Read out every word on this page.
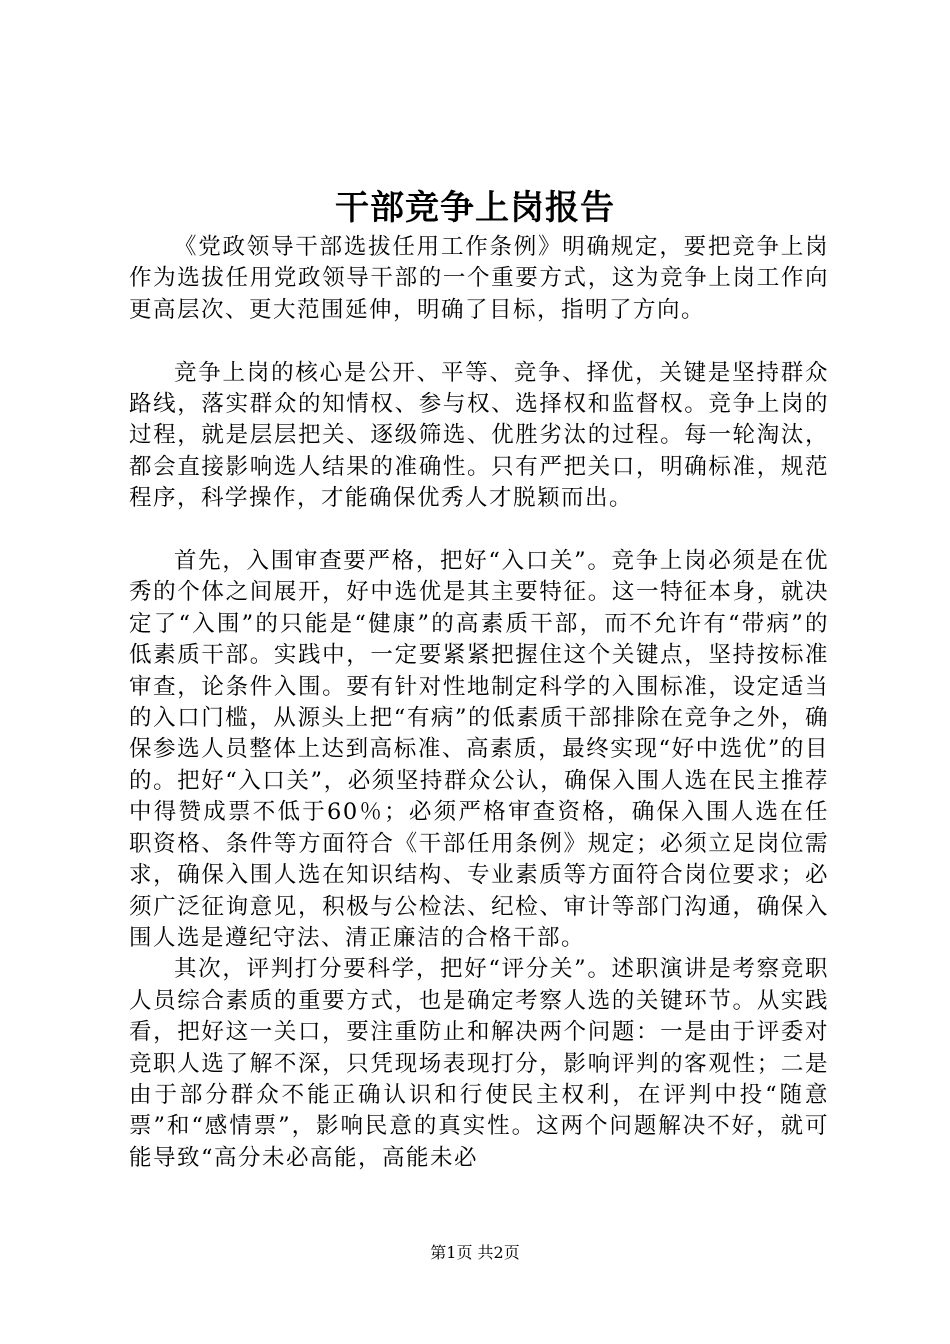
干部竞争上岗报告

《党政领导干部选拔任用工作条例》明确规定，要把竞争上岗作为选拔任用党政领导干部的一个重要方式，这为竞争上岗工作向更高层次、更大范围延伸，明确了目标，指明了方向。

竞争上岗的核心是公开、平等、竞争、择优，关键是坚持群众路线，落实群众的知情权、参与权、选择权和监督权。竞争上岗的过程，就是层层把关、逐级筛选、优胜劣汰的过程。每一轮淘汰，都会直接影响选人结果的准确性。只有严把关口，明确标准，规范程序，科学操作，才能确保优秀人才脱颖而出。

首先，入围审查要严格，把好“入口关”。竞争上岗必须是在优秀的个体之间展开，好中选优是其主要特征。这一特征本身，就决定了“入围”的只能是“健康”的高素质干部，而不允许有“带病”的低素质干部。实践中，一定要紧紧把握住这个关键点，坚持按标准审查，论条件入围。要有针对性地制定科学的入围标准，设定适当的入口门槛，从源头上把“有病”的低素质干部排除在竞争之外，确保参选人员整体上达到高标准、高素质，最终实现“好中选优”的目的。把好“入口关”，必须坚持群众公认，确保入围人选在民主推荐中得赞成票不低于60％；必须严格审查资格，确保入围人选在任职资格、条件等方面符合《干部任用条例》规定；必须立足岗位需求，确保入围人选在知识结构、专业素质等方面符合岗位要求；必须广泛征询意见，积极与公检法、纪检、审计等部门沟通，确保入围人选是遵纪守法、清正廉洁的合格干部。

其次，评判打分要科学，把好“评分关”。述职演讲是考察竞职人员综合素质的重要方式，也是确定考察人选的关键环节。从实践看，把好这一关口，要注重防止和解决两个问题：一是由于评委对竞职人选了解不深，只凭现场表现打分，影响评判的客观性；二是由于部分群众不能正确认识和行使民主权利，在评判中投“随意票”和“感情票”，影响民意的真实性。这两个问题解决不好，就可能导致“高分未必高能，高能未必

第1页 共2页
